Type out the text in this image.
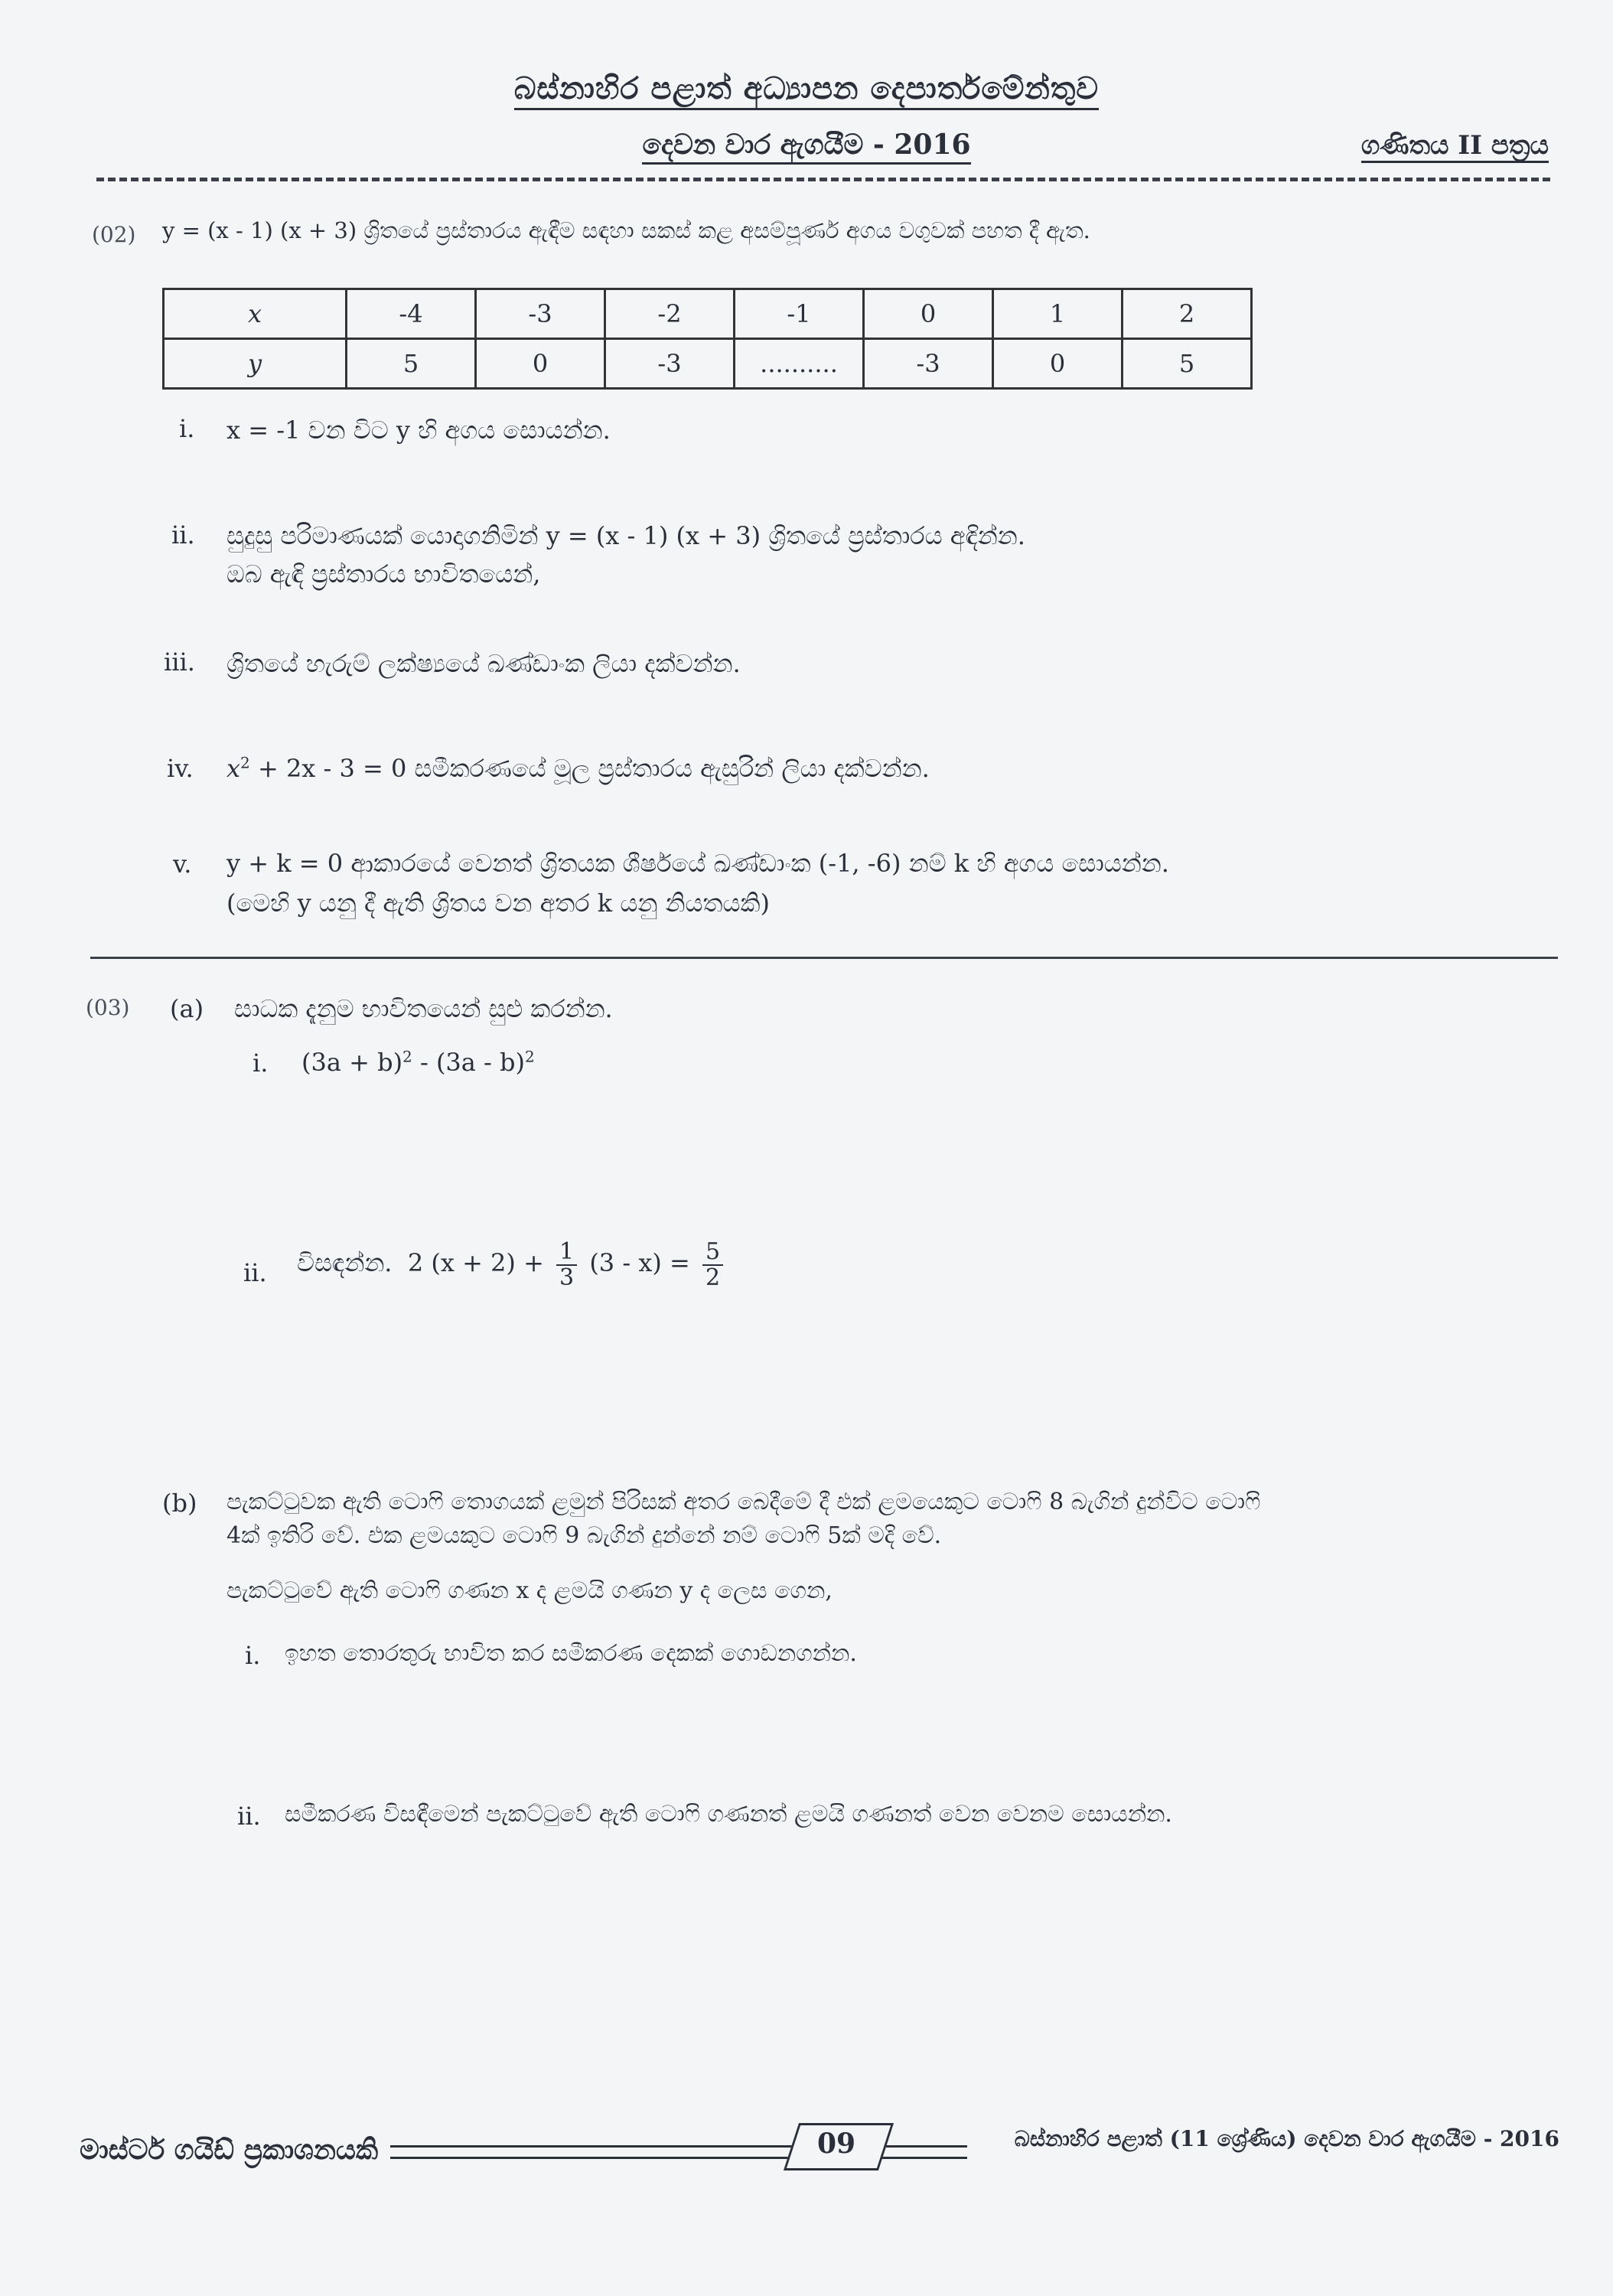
බස්නාහිර පළාත් අධ්‍යාපන දෙපාර්තමේන්තුව
දෙවන වාර ඇගයීම - 2016	ගණිතය II පත්‍රය
(02) y = (x - 1) (x + 3) ශ්‍රිතයේ ප්‍රස්තාරය ඇඳීම සඳහා සකස් කළ අසම්පූර්ණ අගය වගුවක් පහත දී ඇත.
x	-4	-3	-2	-1	0	1	2
y	5	0	-3	..........	-3	0	5
i. x = -1 වන විට y හි අගය සොයන්න.
ii. සුදුසු පරිමාණයක් යොදාගනිමින් y = (x - 1) (x + 3) ශ්‍රිතයේ ප්‍රස්තාරය අඳින්න.
ඔබ ඇඳි ප්‍රස්තාරය භාවිතයෙන්,
iii. ශ්‍රිතයේ හැරුම් ලක්ෂ්‍යයේ ඛණ්ඩාංක ලියා දක්වන්න.
iv. $x^2 + 2x - 3 = 0$ සමීකරණයේ මූල ප්‍රස්තාරය ඇසුරින් ලියා දක්වන්න.
v. y + k = 0 ආකාරයේ වෙනත් ශ්‍රිතයක ශීර්ෂයේ ඛණ්ඩාංක (-1, -6) නම් k හි අගය සොයන්න.
(මෙහි y යනු දී ඇති ශ්‍රිතය වන අතර k යනු නියතයකි)
(03) (a) සාධක දැනුම භාවිතයෙන් සුළු කරන්න.
i. $(3a + b)^2 - (3a - b)^2$
ii. විසඳන්න. 2 $(x + 2) + \frac{1}{3} (3 - x) = \frac{5}{2}$
(b) පැකට්ටුවක ඇති ටොෆි තොගයක් ළමුන් පිරිසක් අතර බෙදීමේ දී එක් ළමයෙකුට ටොෆි 8 බැගින් දුන්විට ටොෆි
4ක් ඉතිරි වේ. එක ළමයකුට ටොෆි 9 බැගින් දුන්නේ නම් ටොෆි 5ක් මදි වේ.
පැකට්ටුවේ ඇති ටොෆි ගණන x ද ළමයි ගණන y ද ලෙස ගෙන,
i. ඉහත තොරතුරු භාවිත කර සමීකරණ දෙකක් ගොඩනගන්න.
ii. සමීකරණ විසඳීමෙන් පැකට්ටුවේ ඇති ටොෆි ගණනත් ළමයි ගණනත් වෙන වෙනම සොයන්න.
මාස්ටර් ගයිඩ් ප්‍රකාශනයකි	09	බස්නාහිර පළාත් (11 ශ්‍රේණිය) දෙවන වාර ඇගයීම - 2016
